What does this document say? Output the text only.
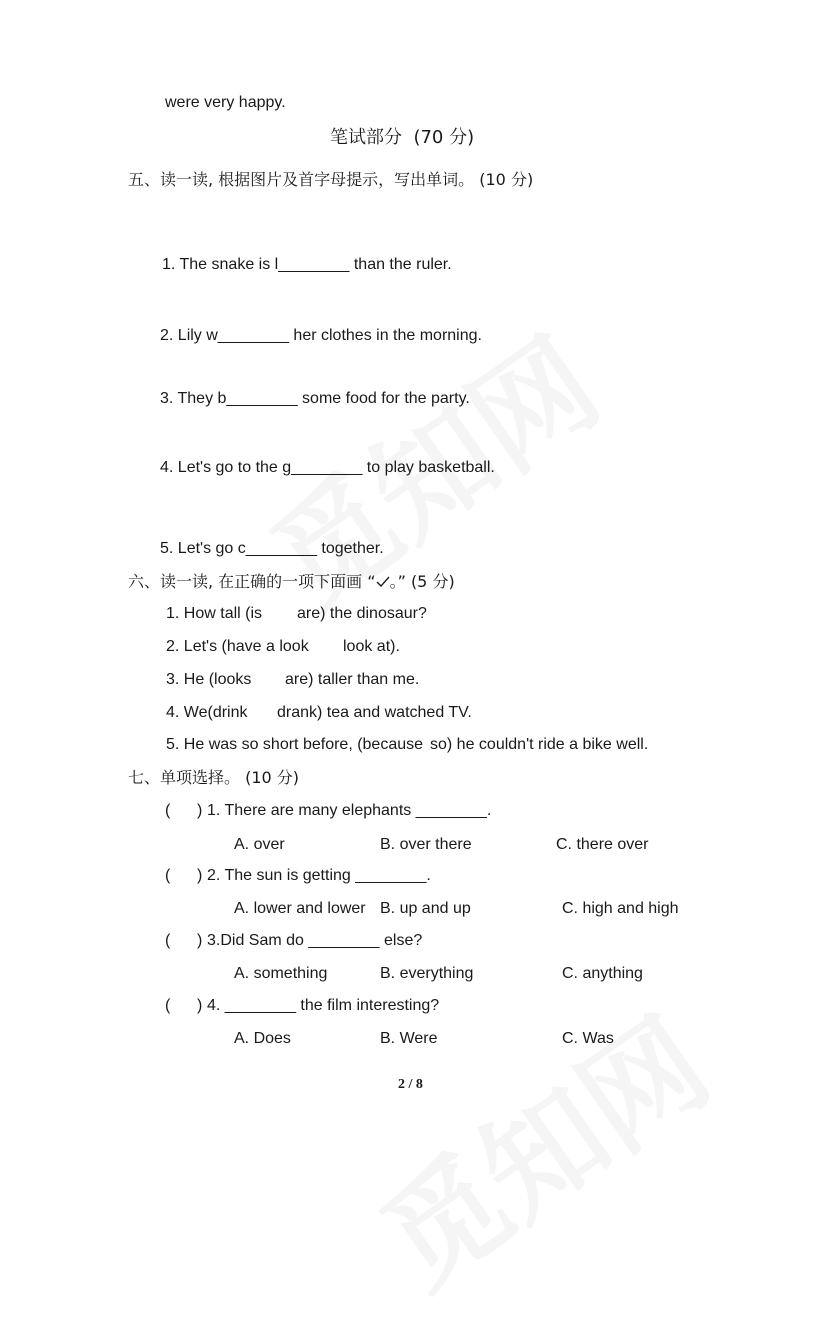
were very happy.
笔试部分  (70 分)
五、读一读, 根据图片及首字母提示，写出单词。 (10 分)
1. The snake is l________ than the ruler.
2. Lily w________ her clothes in the morning.
3. They b________ some food for the party.
4. Let's go to the g________ to play basketball.
5. Let's go c________ together.
六、读一读, 在正确的一项下面画 “ 。” (5 分)
1. How tall (is are) the dinosaur?
2. Let's (have a look look at).
3. He (looks are) taller than me.
4. We(drink drank) tea and watched TV.
5. He was so short before, (because so) he couldn't ride a bike well.
七、单项选择。 (10 分)
( ) 1. There are many elephants ________.
A. over	B. over there	C. there over
( ) 2. The sun is getting ________.
A. lower and lower B. up and up	C. high and high
( ) 3.Did Sam do ________ else?
A. something	B. everything	C. anything
( ) 4. ________ the film interesting?
A. Does	B. Were	C. Was
2 / 8
